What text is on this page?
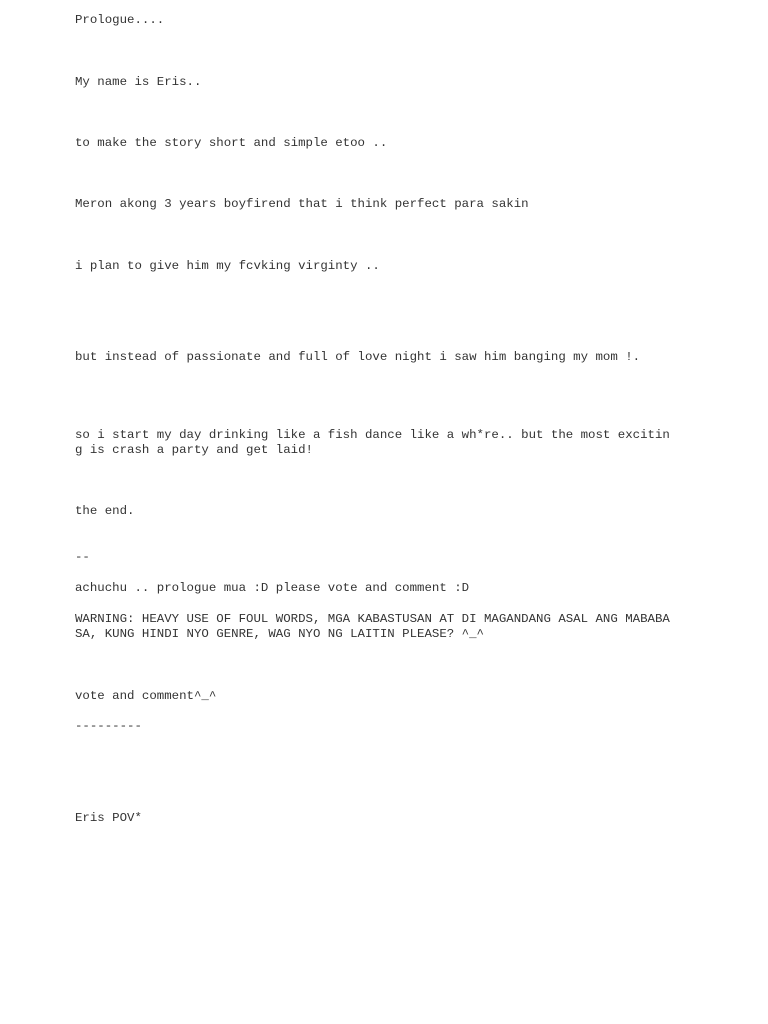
Prologue....

My name is Eris..

to make the story short and simple etoo ..

Meron akong 3 years boyfirend that i think perfect para sakin

i plan to give him my fcvking virginty ..

but instead of passionate and full of love night i saw him banging my mom !.

so i start my day drinking like a fish dance like a wh*re.. but the most excitin

g is crash a party and get laid!

the end.

--

achuchu .. prologue mua :D please vote and comment :D

WARNING: HEAVY USE OF FOUL WORDS, MGA KABASTUSAN AT DI MAGANDANG ASAL ANG MABABA

SA, KUNG HINDI NYO GENRE, WAG NYO NG LAITIN PLEASE? ^_^

vote and comment^_^

---------

Eris POV*
